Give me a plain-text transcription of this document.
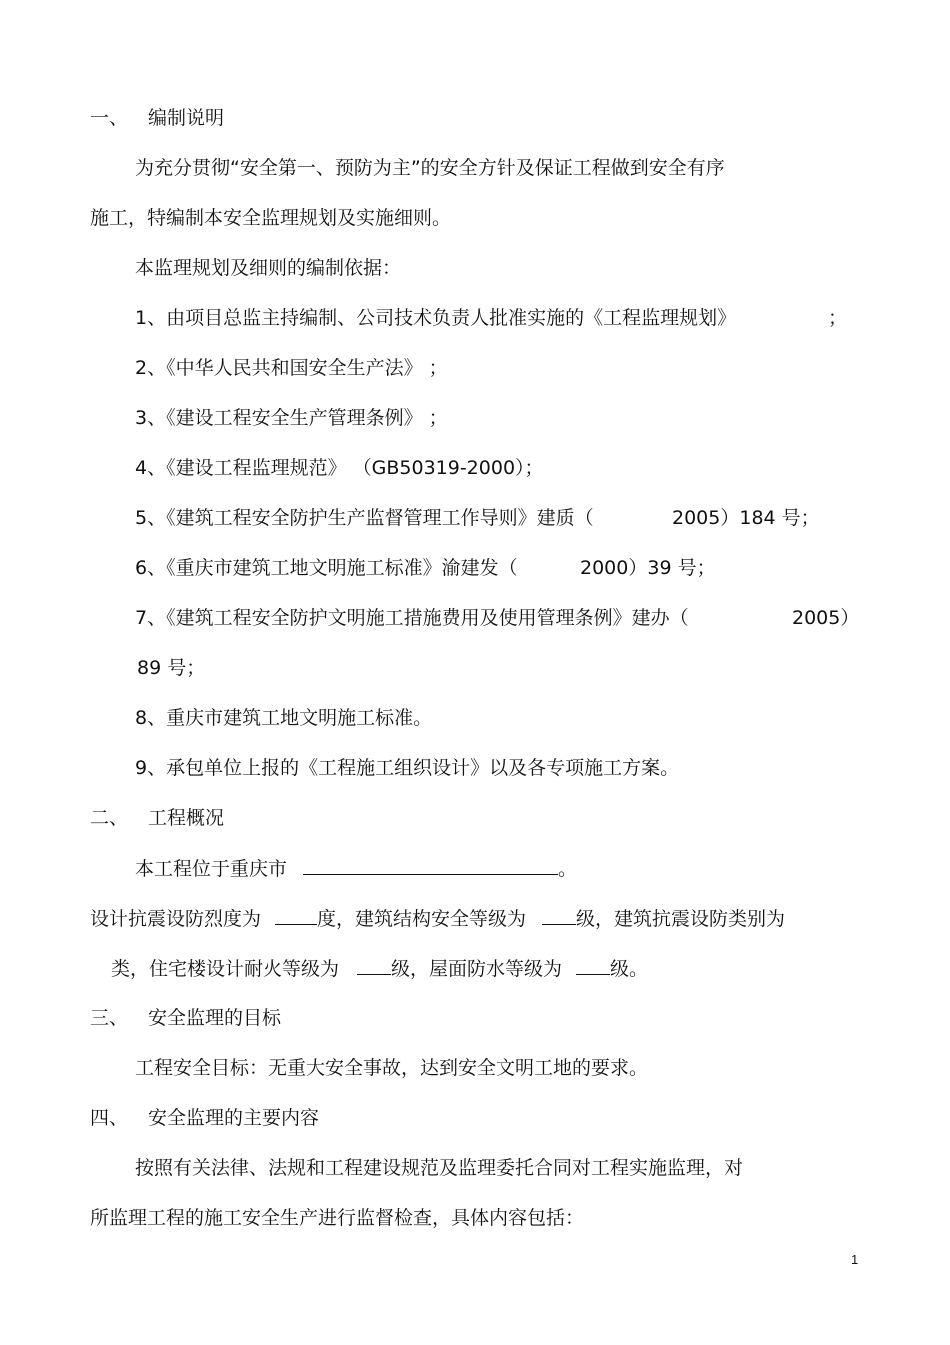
一、 编制说明
为充分贯彻“安全第一、预防为主”的安全方针及保证工程做到安全有序
施工，特编制本安全监理规划及实施细则。
本监理规划及细则的编制依据：
1、由项目总监主持编制、公司技术负责人批准实施的《工程监理规划》	；
2、《中华人民共和国安全生产法》 ；
3、《建设工程安全生产管理条例》 ；
4、《建设工程监理规范》 （GB50319-2000）；
5、《建筑工程安全防护生产监督管理工作导则》建质（	2005）184 号；
6、《重庆市建筑工地文明施工标准》渝建发（	2000）39 号；
7、《建筑工程安全防护文明施工措施费用及使用管理条例》建办（	2005）
89 号；
8、重庆市建筑工地文明施工标准。
9、承包单位上报的《工程施工组织设计》以及各专项施工方案。
二、 工程概况
本工程位于重庆市	。
设计抗震设防烈度为	度，建筑结构安全等级为	级，建筑抗震设防类别为
类，住宅楼设计耐火等级为	级，屋面防水等级为	级。
三、 安全监理的目标
工程安全目标：无重大安全事故，达到安全文明工地的要求。
四、 安全监理的主要内容
按照有关法律、法规和工程建设规范及监理委托合同对工程实施监理，对
所监理工程的施工安全生产进行监督检查，具体内容包括：
1
